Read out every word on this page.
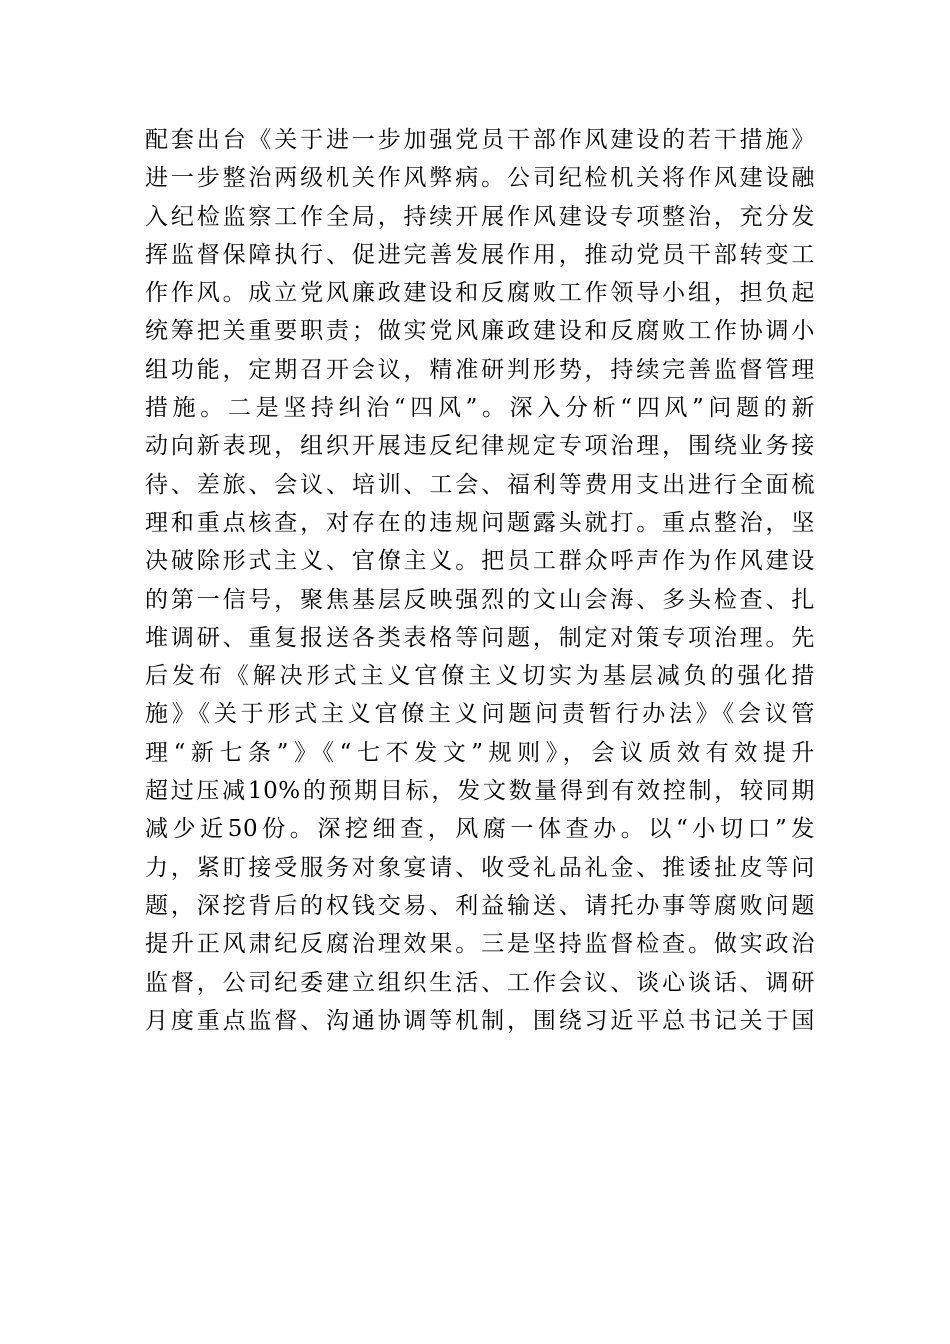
配套出台《关于进一步加强党员干部作风建设的若干措施》
进一步整治两级机关作风弊病。公司纪检机关将作风建设融
入纪检监察工作全局，持续开展作风建设专项整治，充分发
挥监督保障执行、促进完善发展作用，推动党员干部转变工
作作风。成立党风廉政建设和反腐败工作领导小组，担负起
统筹把关重要职责；做实党风廉政建设和反腐败工作协调小
组功能，定期召开会议，精准研判形势，持续完善监督管理
措施。二是坚持纠治“四风”。深入分析“四风”问题的新
动向新表现，组织开展违反纪律规定专项治理，围绕业务接
待、差旅、会议、培训、工会、福利等费用支出进行全面梳
理和重点核查，对存在的违规问题露头就打。重点整治，坚
决破除形式主义、官僚主义。把员工群众呼声作为作风建设
的第一信号，聚焦基层反映强烈的文山会海、多头检查、扎
堆调研、重复报送各类表格等问题，制定对策专项治理。先
后发布《解决形式主义官僚主义切实为基层减负的强化措
施》《关于形式主义官僚主义问题问责暂行办法》《会议管
理“新七条”》《“七不发文”规则》，会议质效有效提升
超过压减10%的预期目标，发文数量得到有效控制，较同期
减少近50份。深挖细查，风腐一体查办。以“小切口”发
力，紧盯接受服务对象宴请、收受礼品礼金、推诿扯皮等问
题，深挖背后的权钱交易、利益输送、请托办事等腐败问题
提升正风肃纪反腐治理效果。三是坚持监督检查。做实政治
监督，公司纪委建立组织生活、工作会议、谈心谈话、调研
月度重点监督、沟通协调等机制，围绕习近平总书记关于国
